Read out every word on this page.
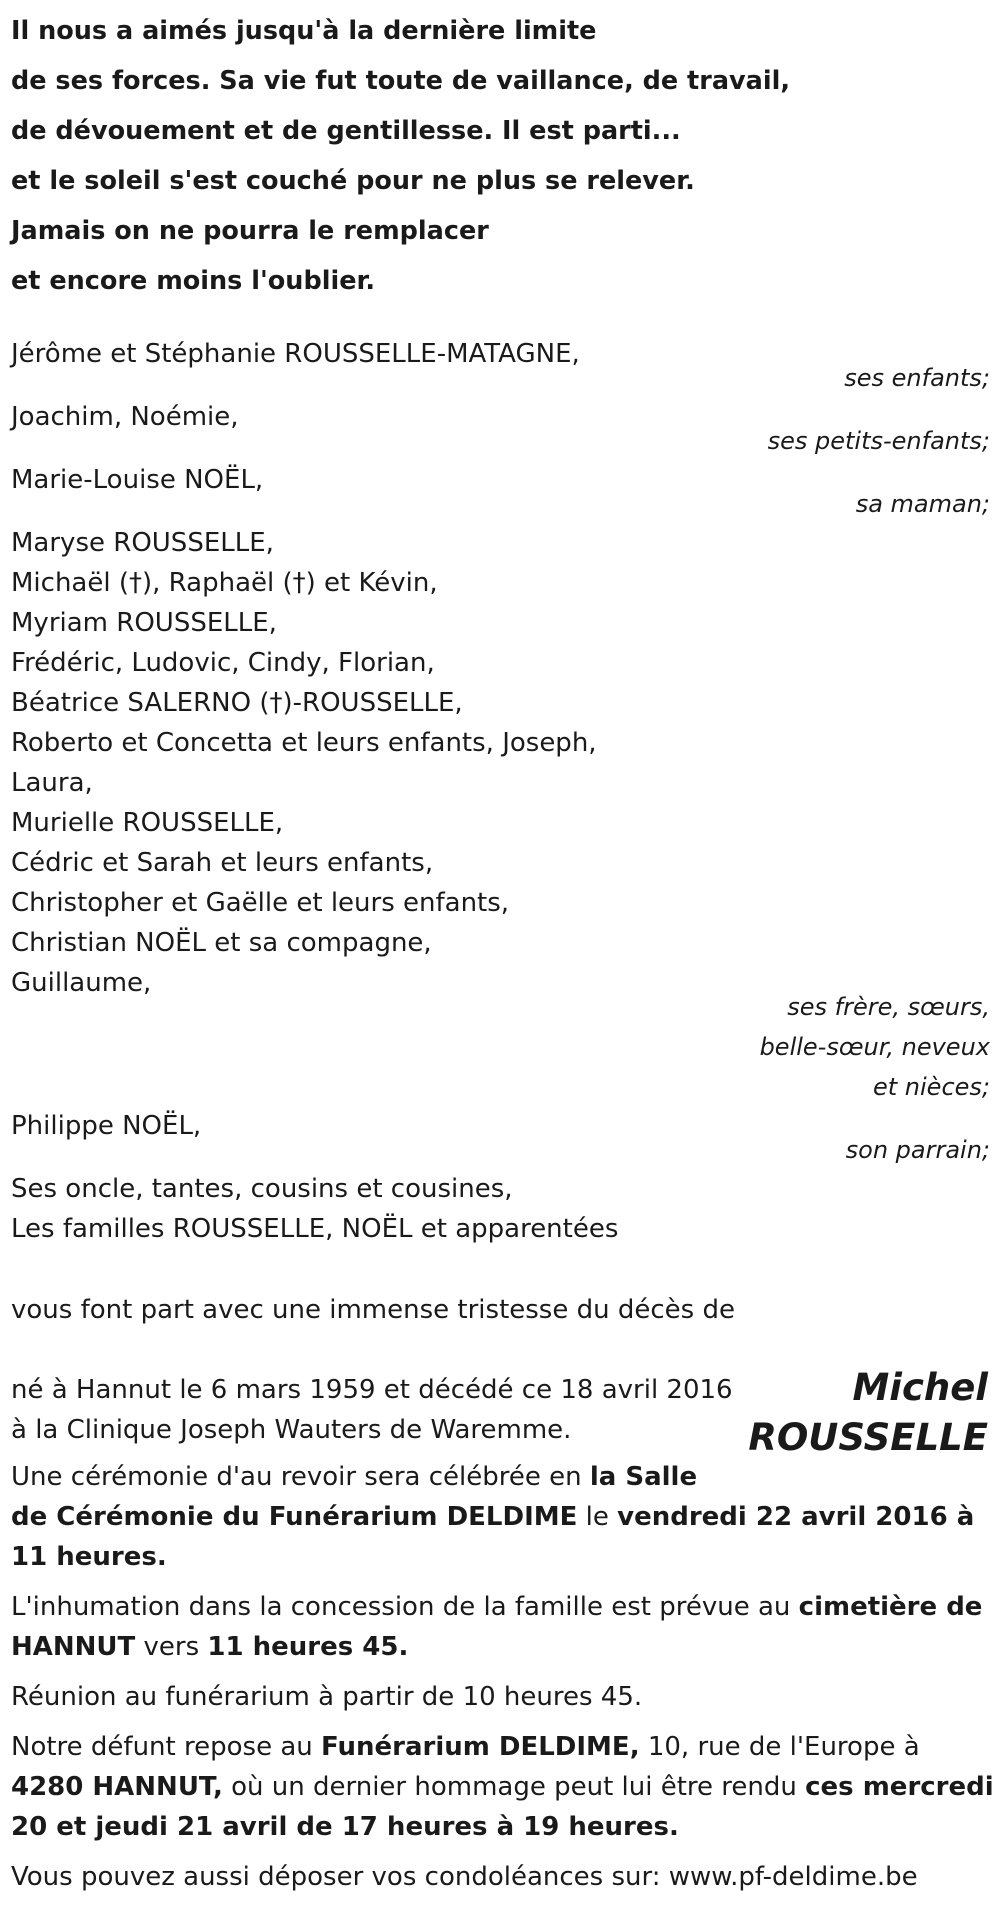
Il nous a aimés jusqu'à la dernière limite
de ses forces. Sa vie fut toute de vaillance, de travail,
de dévouement et de gentillesse. Il est parti...
et le soleil s'est couché pour ne plus se relever.
Jamais on ne pourra le remplacer
et encore moins l'oublier.
Jérôme et Stéphanie ROUSSELLE-MATAGNE,
ses enfants;
Joachim, Noémie,
ses petits-enfants;
Marie-Louise NOËL,
sa maman;
Maryse ROUSSELLE,
Michaël (†), Raphaël (†) et Kévin,
Myriam ROUSSELLE,
Frédéric, Ludovic, Cindy, Florian,
Béatrice SALERNO (†)-ROUSSELLE,
Roberto et Concetta et leurs enfants, Joseph,
Laura,
Murielle ROUSSELLE,
Cédric et Sarah et leurs enfants,
Christopher et Gaëlle et leurs enfants,
Christian NOËL et sa compagne,
Guillaume,
ses frère, sœurs,
belle-sœur, neveux
et nièces;
Philippe NOËL,
son parrain;
Ses oncle, tantes, cousins et cousines,
Les familles ROUSSELLE, NOËL et apparentées
vous font part avec une immense tristesse du décès de
né à Hannut le 6 mars 1959 et décédé ce 18 avril 2016
à la Clinique Joseph Wauters de Waremme.
Michel
ROUSSELLE
Une cérémonie d'au revoir sera célébrée en la Salle
de Cérémonie du Funérarium DELDIME le vendredi 22 avril 2016 à 11 heures.
L'inhumation dans la concession de la famille est prévue au cimetière de HANNUT vers 11 heures 45.
Réunion au funérarium à partir de 10 heures 45.
Notre défunt repose au Funérarium DELDIME, 10, rue de l'Europe à 4280 HANNUT, où un dernier hommage peut lui être rendu ces mercredi 20 et jeudi 21 avril de 17 heures à 19 heures.
Vous pouvez aussi déposer vos condoléances sur: www.pf-deldime.be
